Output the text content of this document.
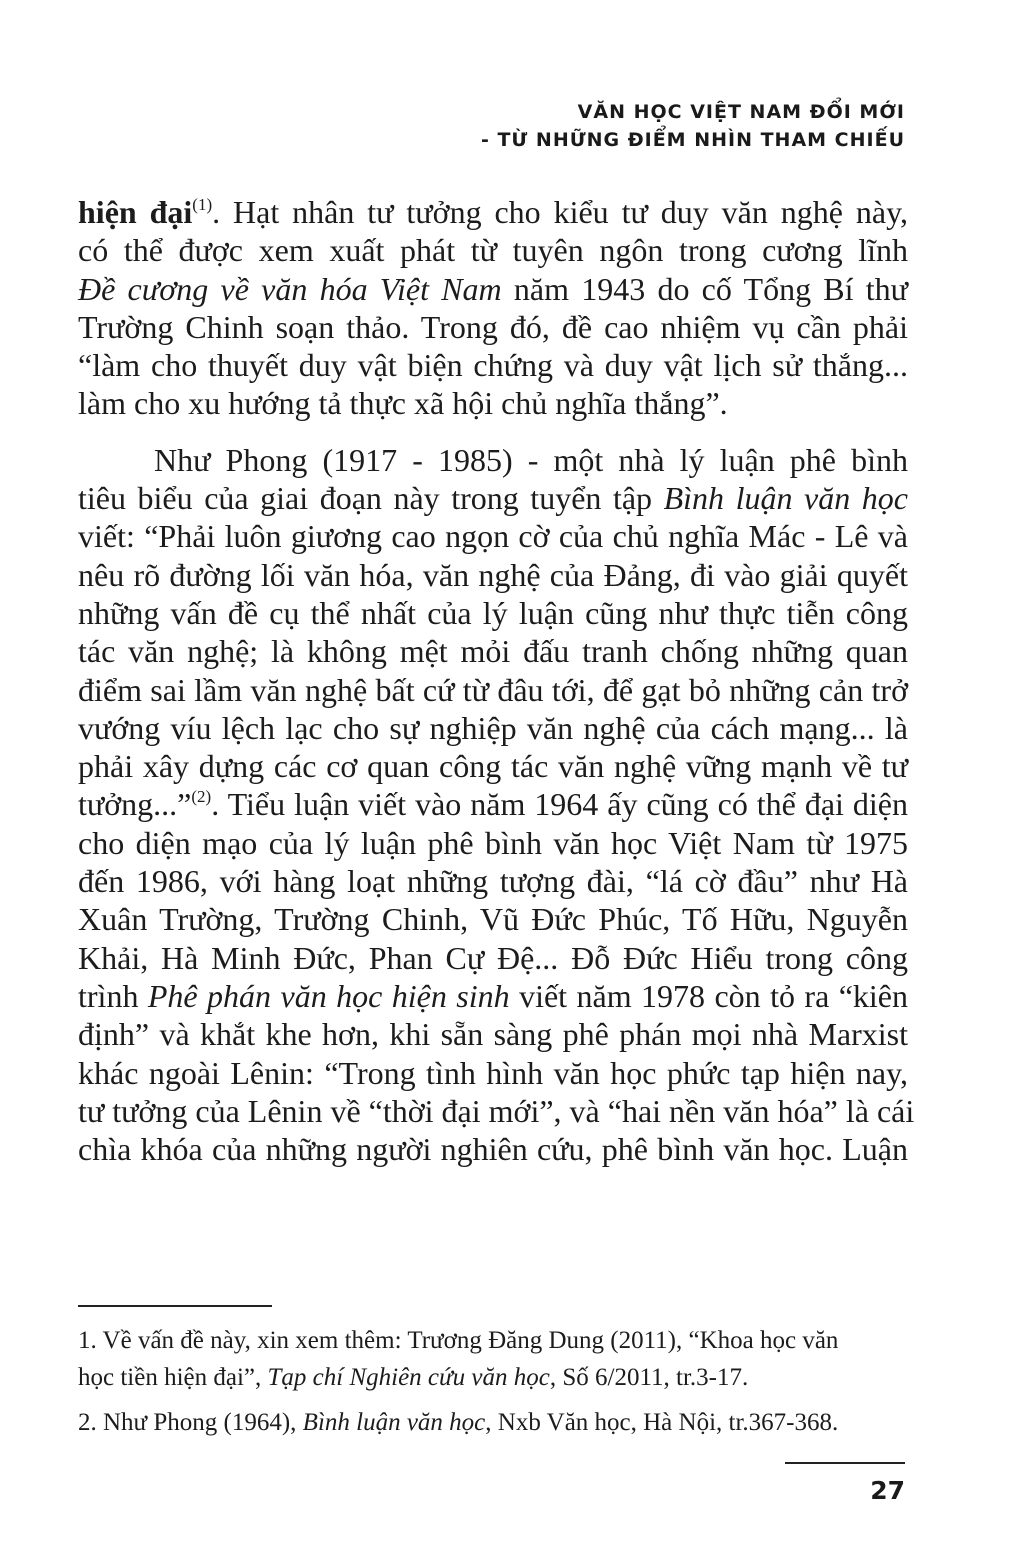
VĂN HỌC VIỆT NAM ĐỔI MỚI
- TỪ NHỮNG ĐIỂM NHÌN THAM CHIẾU
hiện đại$^{(1)}$. Hạt nhân tư tưởng cho kiểu tư duy văn nghệ này,
có thể được xem xuất phát từ tuyên ngôn trong cương lĩnh
Đề cương về văn hóa Việt Nam năm 1943 do cố Tổng Bí thư
Trường Chinh soạn thảo. Trong đó, đề cao nhiệm vụ cần phải
“làm cho thuyết duy vật biện chứng và duy vật lịch sử thắng...
làm cho xu hướng tả thực xã hội chủ nghĩa thắng”.
Như Phong (1917 - 1985) - một nhà lý luận phê bình
tiêu biểu của giai đoạn này trong tuyển tập Bình luận văn học
viết: “Phải luôn giương cao ngọn cờ của chủ nghĩa Mác - Lê và
nêu rõ đường lối văn hóa, văn nghệ của Đảng, đi vào giải quyết
những vấn đề cụ thể nhất của lý luận cũng như thực tiễn công
tác văn nghệ; là không mệt mỏi đấu tranh chống những quan
điểm sai lầm văn nghệ bất cứ từ đâu tới, để gạt bỏ những cản trở
vướng víu lệch lạc cho sự nghiệp văn nghệ của cách mạng... là
phải xây dựng các cơ quan công tác văn nghệ vững mạnh về tư
tưởng...”$^{(2)}$. Tiểu luận viết vào năm 1964 ấy cũng có thể đại diện
cho diện mạo của lý luận phê bình văn học Việt Nam từ 1975
đến 1986, với hàng loạt những tượng đài, “lá cờ đầu” như Hà
Xuân Trường, Trường Chinh, Vũ Đức Phúc, Tố Hữu, Nguyễn
Khải, Hà Minh Đức, Phan Cự Đệ... Đỗ Đức Hiểu trong công
trình Phê phán văn học hiện sinh viết năm 1978 còn tỏ ra “kiên
định” và khắt khe hơn, khi sẵn sàng phê phán mọi nhà Marxist
khác ngoài Lênin: “Trong tình hình văn học phức tạp hiện nay,
tư tưởng của Lênin về “thời đại mới”, và “hai nền văn hóa” là cái
chìa khóa của những người nghiên cứu, phê bình văn học. Luận
1. Về vấn đề này, xin xem thêm: Trương Đăng Dung (2011), “Khoa học văn
học tiền hiện đại”, Tạp chí Nghiên cứu văn học, Số 6/2011, tr.3-17.
2. Như Phong (1964), Bình luận văn học, Nxb Văn học, Hà Nội, tr.367-368.
27
